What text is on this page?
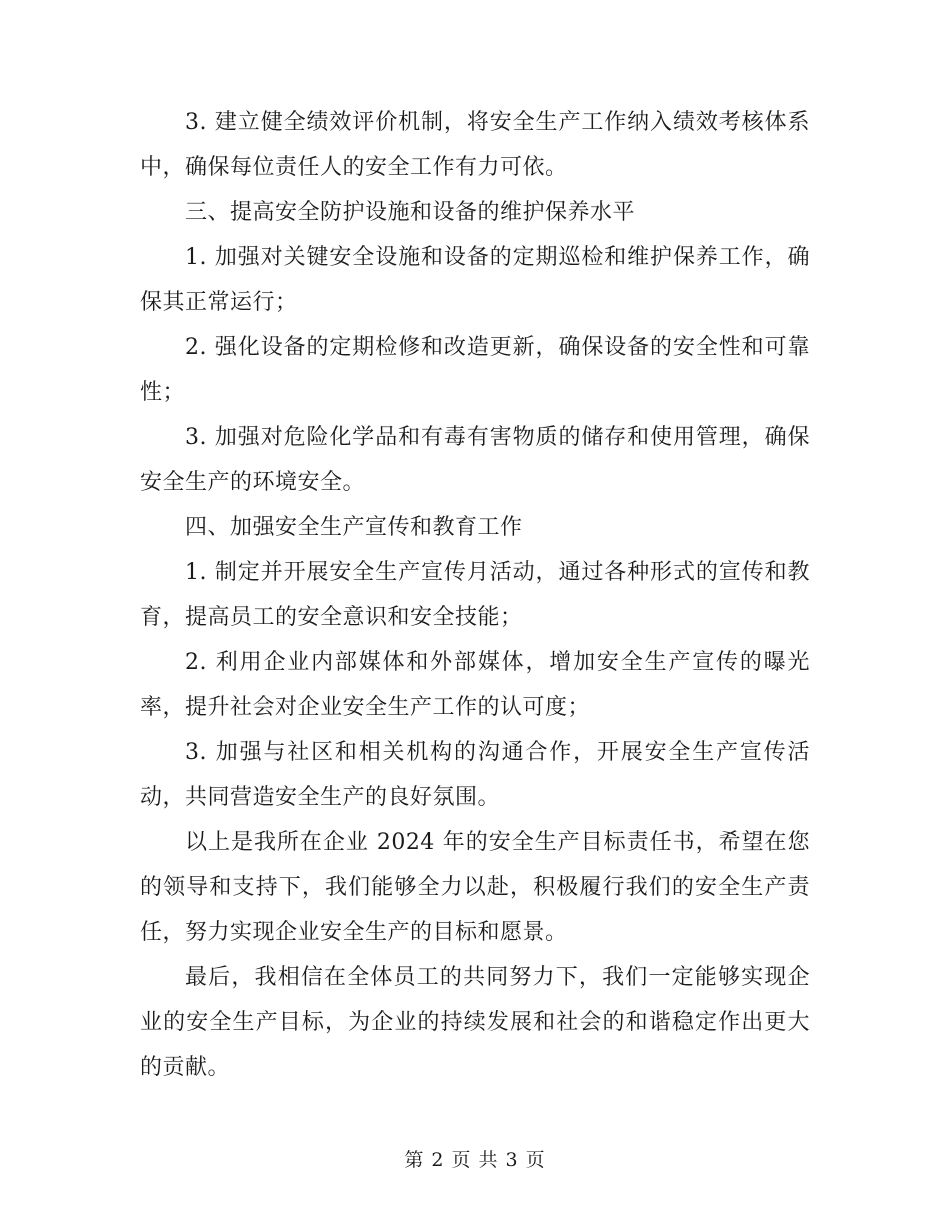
3. 建立健全绩效评价机制，将安全生产工作纳入绩效考核体系中，确保每位责任人的安全工作有力可依。

三、提高安全防护设施和设备的维护保养水平

1. 加强对关键安全设施和设备的定期巡检和维护保养工作，确保其正常运行；

2. 强化设备的定期检修和改造更新，确保设备的安全性和可靠性；

3. 加强对危险化学品和有毒有害物质的储存和使用管理，确保安全生产的环境安全。

四、加强安全生产宣传和教育工作

1. 制定并开展安全生产宣传月活动，通过各种形式的宣传和教育，提高员工的安全意识和安全技能；

2. 利用企业内部媒体和外部媒体，增加安全生产宣传的曝光率，提升社会对企业安全生产工作的认可度；

3. 加强与社区和相关机构的沟通合作，开展安全生产宣传活动，共同营造安全生产的良好氛围。

以上是我所在企业 2024 年的安全生产目标责任书，希望在您的领导和支持下，我们能够全力以赴，积极履行我们的安全生产责任，努力实现企业安全生产的目标和愿景。

最后，我相信在全体员工的共同努力下，我们一定能够实现企业的安全生产目标，为企业的持续发展和社会的和谐稳定作出更大的贡献。

第 2 页 共 3 页
